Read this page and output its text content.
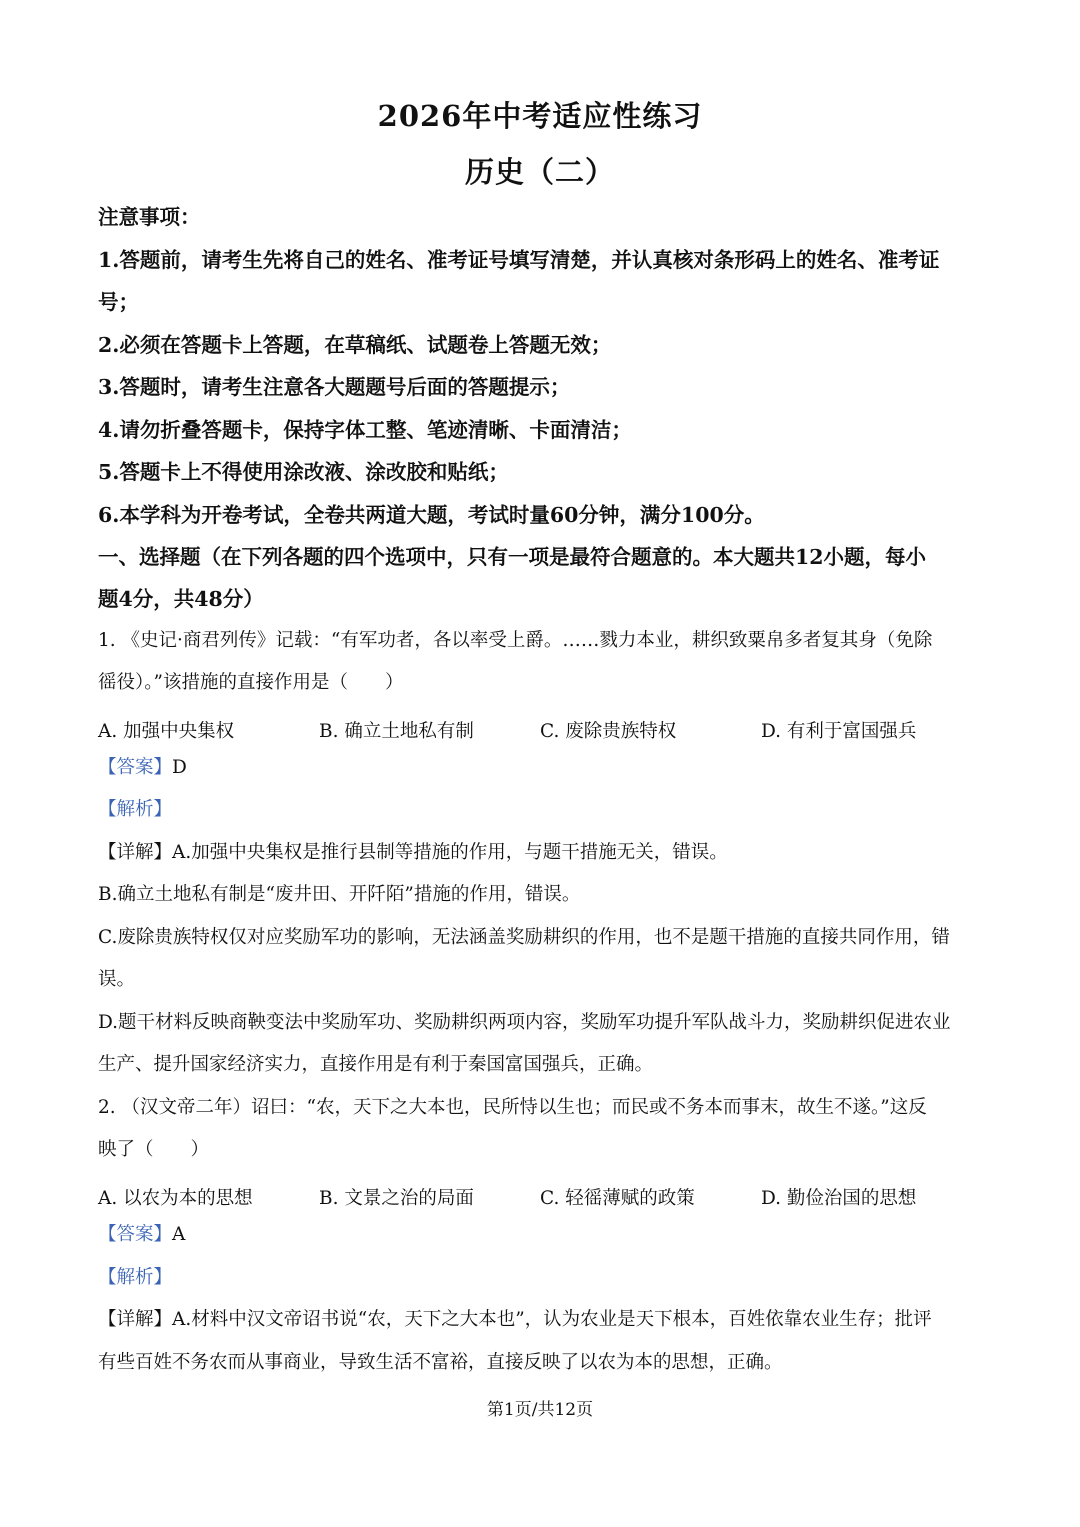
2026年中考适应性练习
历史（二）
注意事项：
1.答题前，请考生先将自己的姓名、准考证号填写清楚，并认真核对条形码上的姓名、准考证
号；
2.必须在答题卡上答题，在草稿纸、试题卷上答题无效；
3.答题时，请考生注意各大题题号后面的答题提示；
4.请勿折叠答题卡，保持字体工整、笔迹清晰、卡面清洁；
5.答题卡上不得使用涂改液、涂改胶和贴纸；
6.本学科为开卷考试，全卷共两道大题，考试时量60分钟，满分100分。
一、选择题（在下列各题的四个选项中，只有一项是最符合题意的。本大题共12小题，每小
题4分，共48分）
1. 《史记·商君列传》记载：“有军功者，各以率受上爵。……戮力本业，耕织致粟帛多者复其身（免除
徭役）。”该措施的直接作用是（　　）
A. 加强中央集权	B. 确立土地私有制	C. 废除贵族特权	D. 有利于富国强兵
【答案】D
【解析】
【详解】A.加强中央集权是推行县制等措施的作用，与题干措施无关，错误。
B.确立土地私有制是“废井田、开阡陌”措施的作用，错误。
C.废除贵族特权仅对应奖励军功的影响，无法涵盖奖励耕织的作用，也不是题干措施的直接共同作用，错
误。
D.题干材料反映商鞅变法中奖励军功、奖励耕织两项内容，奖励军功提升军队战斗力，奖励耕织促进农业
生产、提升国家经济实力，直接作用是有利于秦国富国强兵，正确。
2. （汉文帝二年）诏曰：“农，天下之大本也，民所恃以生也；而民或不务本而事末，故生不遂。”这反
映了（　　）
A. 以农为本的思想	B. 文景之治的局面	C. 轻徭薄赋的政策	D. 勤俭治国的思想
【答案】A
【解析】
【详解】A.材料中汉文帝诏书说“农，天下之大本也”，认为农业是天下根本，百姓依靠农业生存；批评
有些百姓不务农而从事商业，导致生活不富裕，直接反映了以农为本的思想，正确。
第1页/共12页
